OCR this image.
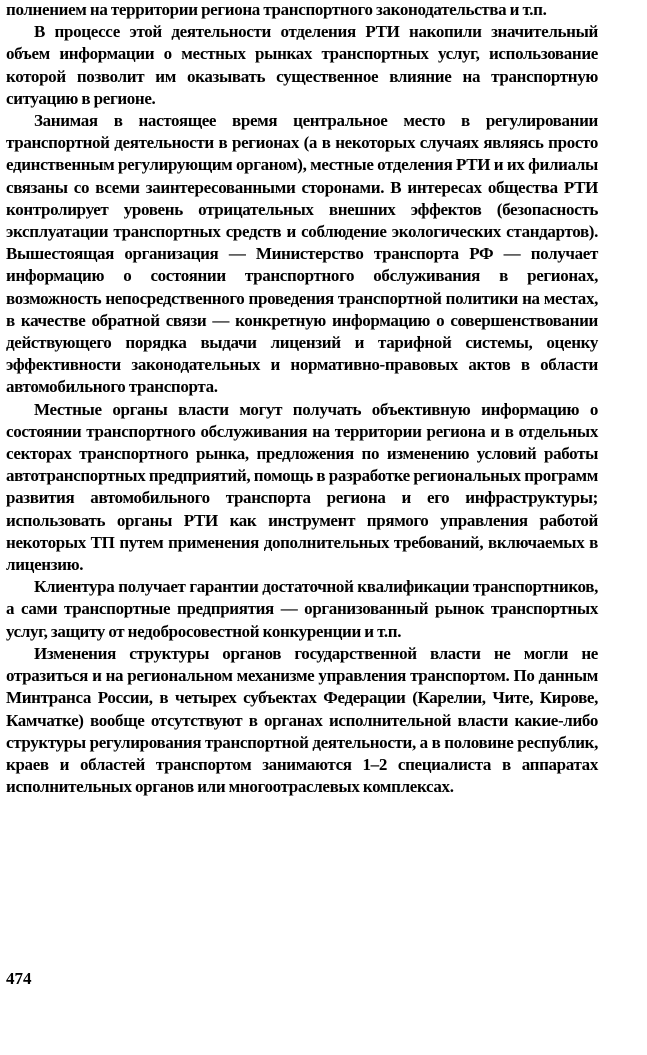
полнением на территории региона транспортного законодательства и т.п.

В процессе этой деятельности отделения РТИ накопили значительный объем информации о местных рынках транспортных услуг, использование которой позволит им оказывать существенное влияние на транспортную ситуацию в регионе.

Занимая в настоящее время центральное место в регулировании транспортной деятельности в регионах (а в некоторых случаях являясь просто единственным регулирующим органом), местные отделения РТИ и их филиалы связаны со всеми заинтересованными сторонами. В интересах общества РТИ контролирует уровень отрицательных внешних эффектов (безопасность эксплуатации транспортных средств и соблюдение экологических стандартов). Вышестоящая организация — Министерство транспорта РФ — получает информацию о состоянии транспортного обслуживания в регионах, возможность непосредственного проведения транспортной политики на местах, в качестве обратной связи — конкретную информацию о совершенствовании действующего порядка выдачи лицензий и тарифной системы, оценку эффективности законодательных и нормативно-правовых актов в области автомобильного транспорта.

Местные органы власти могут получать объективную информацию о состоянии транспортного обслуживания на территории региона и в отдельных секторах транспортного рынка, предложения по изменению условий работы автотранспортных предприятий, помощь в разработке региональных программ развития автомобильного транспорта региона и его инфраструктуры; использовать органы РТИ как инструмент прямого управления работой некоторых ТП путем применения дополнительных требований, включаемых в лицензию.

Клиентура получает гарантии достаточной квалификации транспортников, а сами транспортные предприятия — организованный рынок транспортных услуг, защиту от недобросовестной конкуренции и т.п.

Изменения структуры органов государственной власти не могли не отразиться и на региональном механизме управления транспортом. По данным Минтранса России, в четырех субъектах Федерации (Карелии, Чите, Кирове, Камчатке) вообще отсутствуют в органах исполнительной власти какие-либо структуры регулирования транспортной деятельности, а в половине республик, краев и областей транспортом занимаются 1–2 специалиста в аппаратах исполнительных органов или многоотраслевых комплексах.

474
